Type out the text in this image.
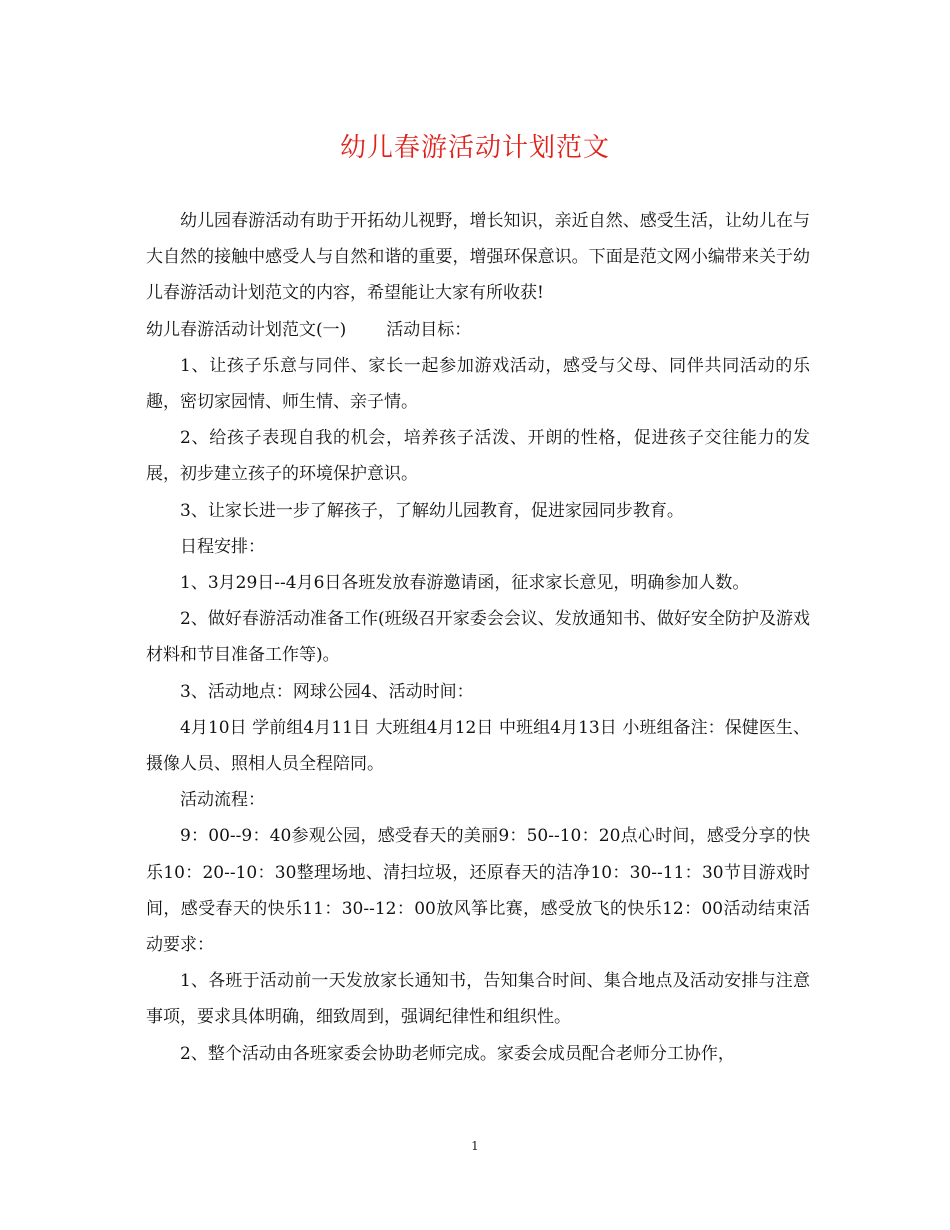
幼儿春游活动计划范文

幼儿园春游活动有助于开拓幼儿视野，增长知识，亲近自然、感受生活，让幼儿在与大自然的接触中感受人与自然和谐的重要，增强环保意识。下面是范文网小编带来关于幼儿春游活动计划范文的内容，希望能让大家有所收获!

幼儿春游活动计划范文(一) 活动目标：

1、让孩子乐意与同伴、家长一起参加游戏活动，感受与父母、同伴共同活动的乐趣，密切家园情、师生情、亲子情。

2、给孩子表现自我的机会，培养孩子活泼、开朗的性格，促进孩子交往能力的发展，初步建立孩子的环境保护意识。

3、让家长进一步了解孩子，了解幼儿园教育，促进家园同步教育。

日程安排：

1、3月29日--4月6日各班发放春游邀请函，征求家长意见，明确参加人数。

2、做好春游活动准备工作(班级召开家委会会议、发放通知书、做好安全防护及游戏材料和节目准备工作等)。

3、活动地点：网球公园4、活动时间：

4月10日 学前组4月11日 大班组4月12日 中班组4月13日 小班组备注：保健医生、摄像人员、照相人员全程陪同。

活动流程：

9：00--9：40参观公园，感受春天的美丽9：50--10：20点心时间，感受分享的快乐10：20--10：30整理场地、清扫垃圾，还原春天的洁净10：30--11：30节目游戏时间，感受春天的快乐11：30--12：00放风筝比赛，感受放飞的快乐12：00活动结束活动要求：

1、各班于活动前一天发放家长通知书，告知集合时间、集合地点及活动安排与注意事项，要求具体明确，细致周到，强调纪律性和组织性。

2、整个活动由各班家委会协助老师完成。家委会成员配合老师分工协作，

1
